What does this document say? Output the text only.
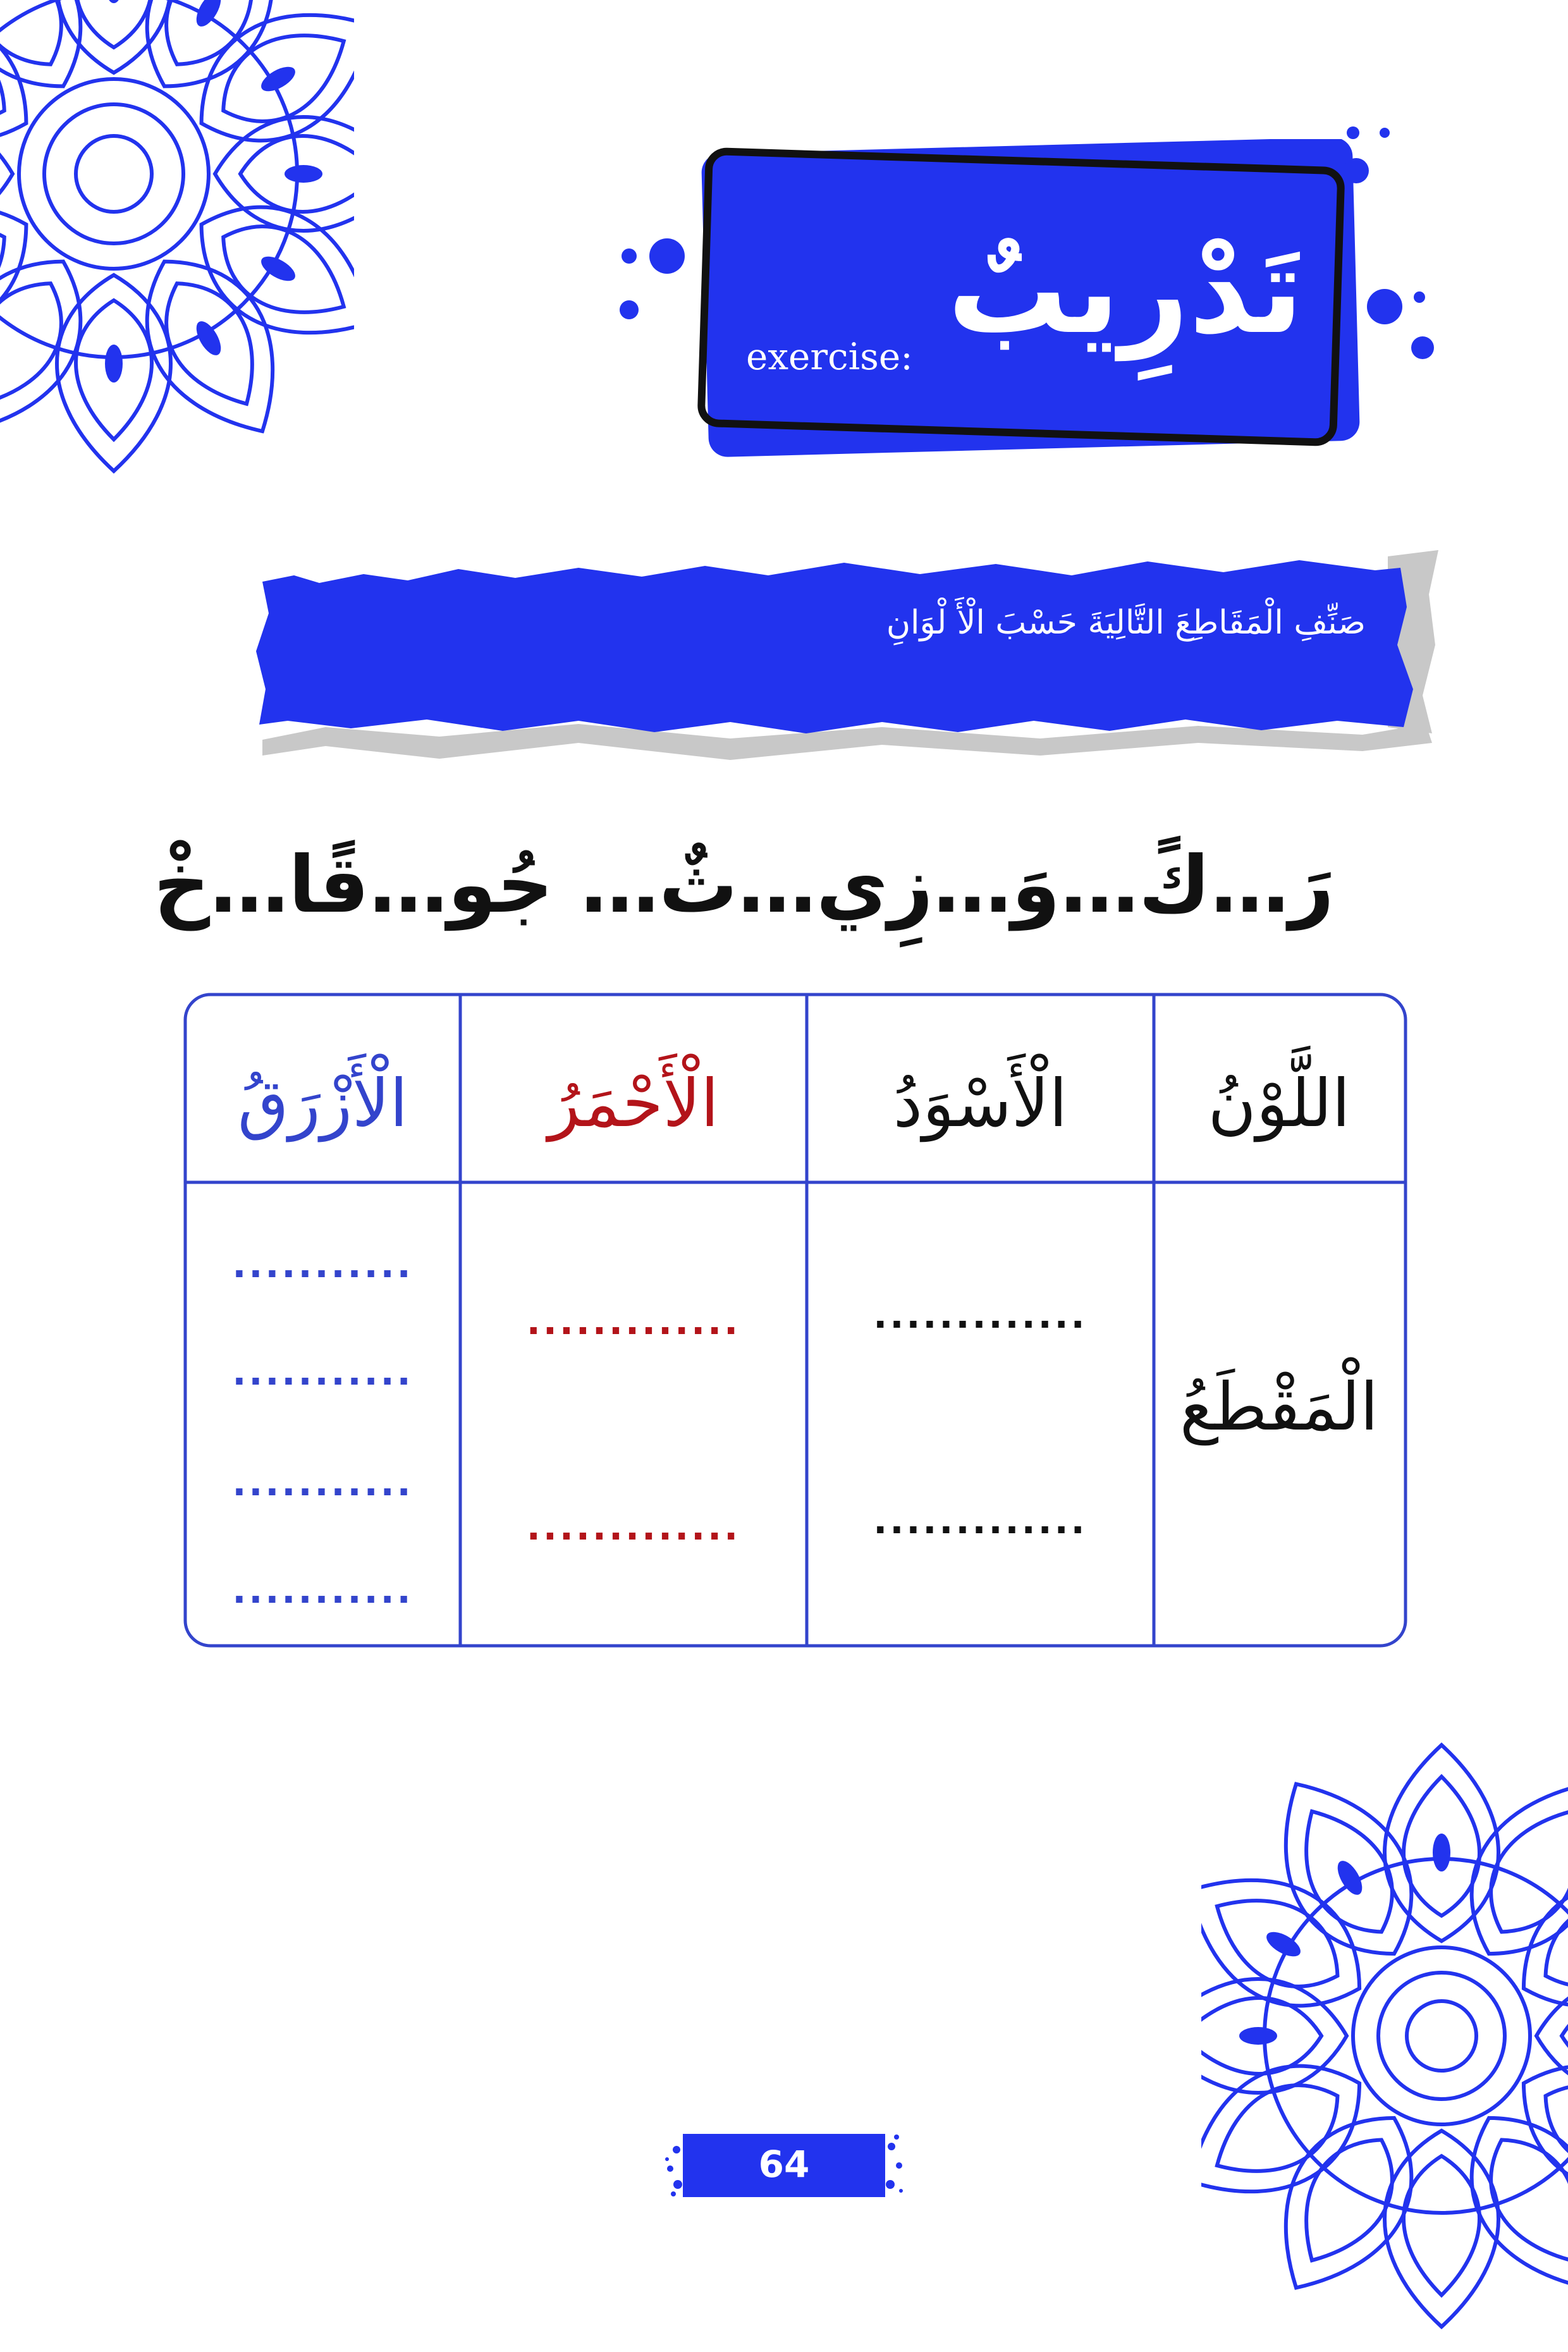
تَدْرِيبٌ
exercise:
صَنِّفِ الْمَقَاطِعَ التَّالِيَةَ حَسْبَ الْأَ لْوَانِ
رَ…كً…وَ…زِي…ثٌ… جُو…قًا…خْ
اللَّوْنُ
الْأَسْوَدُ
الْأَحْمَرُ
الْأَزْرَقُ
الْمَقْطَعُ
.............
.............
.............
.............
...........
...........
...........
...........
64
